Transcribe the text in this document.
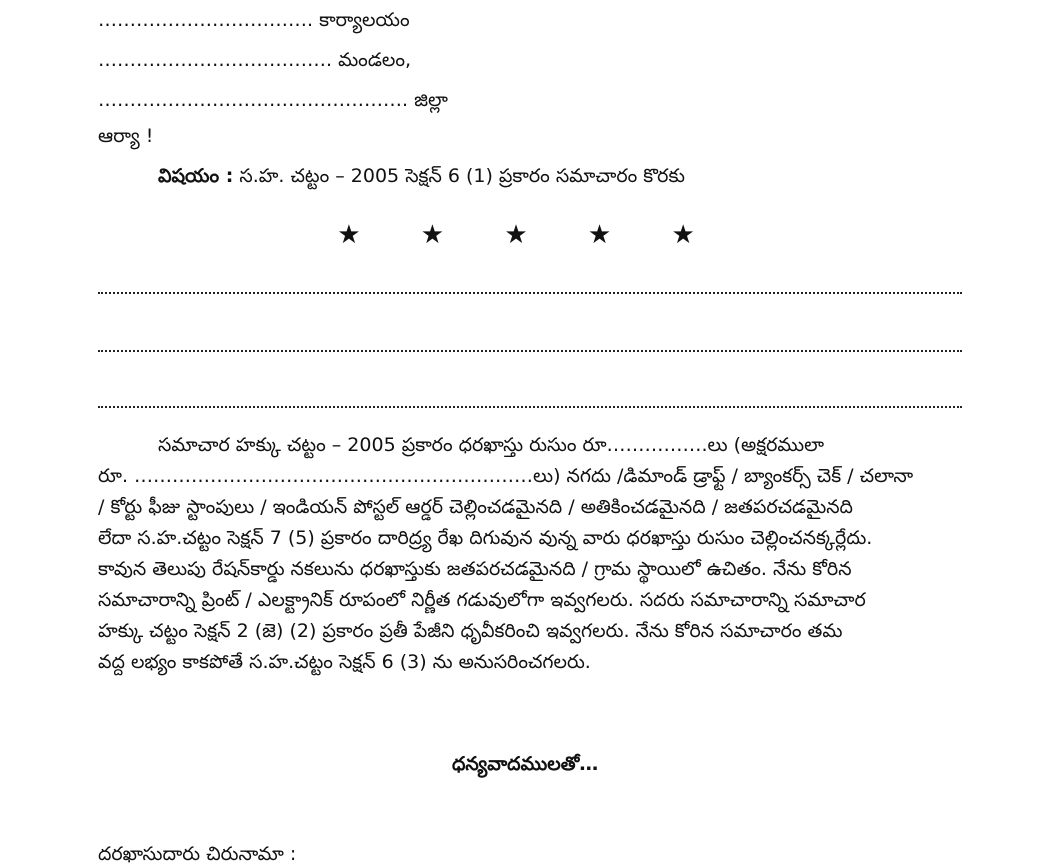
……………………………. కార్యాలయం
………………………………. మండలం,
…………………………………………. జిల్లా
ఆర్యా !
విషయం : స.హ. చట్టం – 2005 సెక్షన్ 6 (1) ప్రకారం సమాచారం కొరకు
★ ★ ★ ★ ★
సమాచార హక్కు చట్టం – 2005 ప్రకారం ధరఖాస్తు రుసుం రూ…………….లు (అక్షరములా
రూ. ………………………………………………………లు) నగదు /డిమాండ్ డ్రాఫ్ట్ / బ్యాంకర్స్ చెక్ / చలానా
/ కోర్టు ఫీజు స్టాంపులు / ఇండియన్ పోస్టల్ ఆర్డర్ చెల్లించడమైనది / అతికించడమైనది / జతపరచడమైనది
లేదా స.హ.చట్టం సెక్షన్ 7 (5) ప్రకారం దారిద్ర్య రేఖ దిగువున వున్న వారు ధరఖాస్తు రుసుం చెల్లించనక్కర్లేదు.
కావున తెలుపు రేషన్‌కార్డు నకలును ధరఖాస్తుకు జతపరచడమైనది / గ్రామ స్థాయిలో ఉచితం. నేను కోరిన
సమాచారాన్ని ప్రింట్ / ఎలక్ట్రానిక్ రూపంలో నిర్ణీత గడువులోగా ఇవ్వగలరు. సదరు సమాచారాన్ని సమాచార
హక్కు చట్టం సెక్షన్ 2 (జె) (2) ప్రకారం ప్రతీ పేజీని ధృవీకరించి ఇవ్వగలరు. నేను కోరిన సమాచారం తమ
వద్ద లభ్యం కాకపోతే స.హ.చట్టం సెక్షన్ 6 (3) ను అనుసరించగలరు.
ధన్యవాదములతో…
దరఖాసుదారు చిరునామా :
